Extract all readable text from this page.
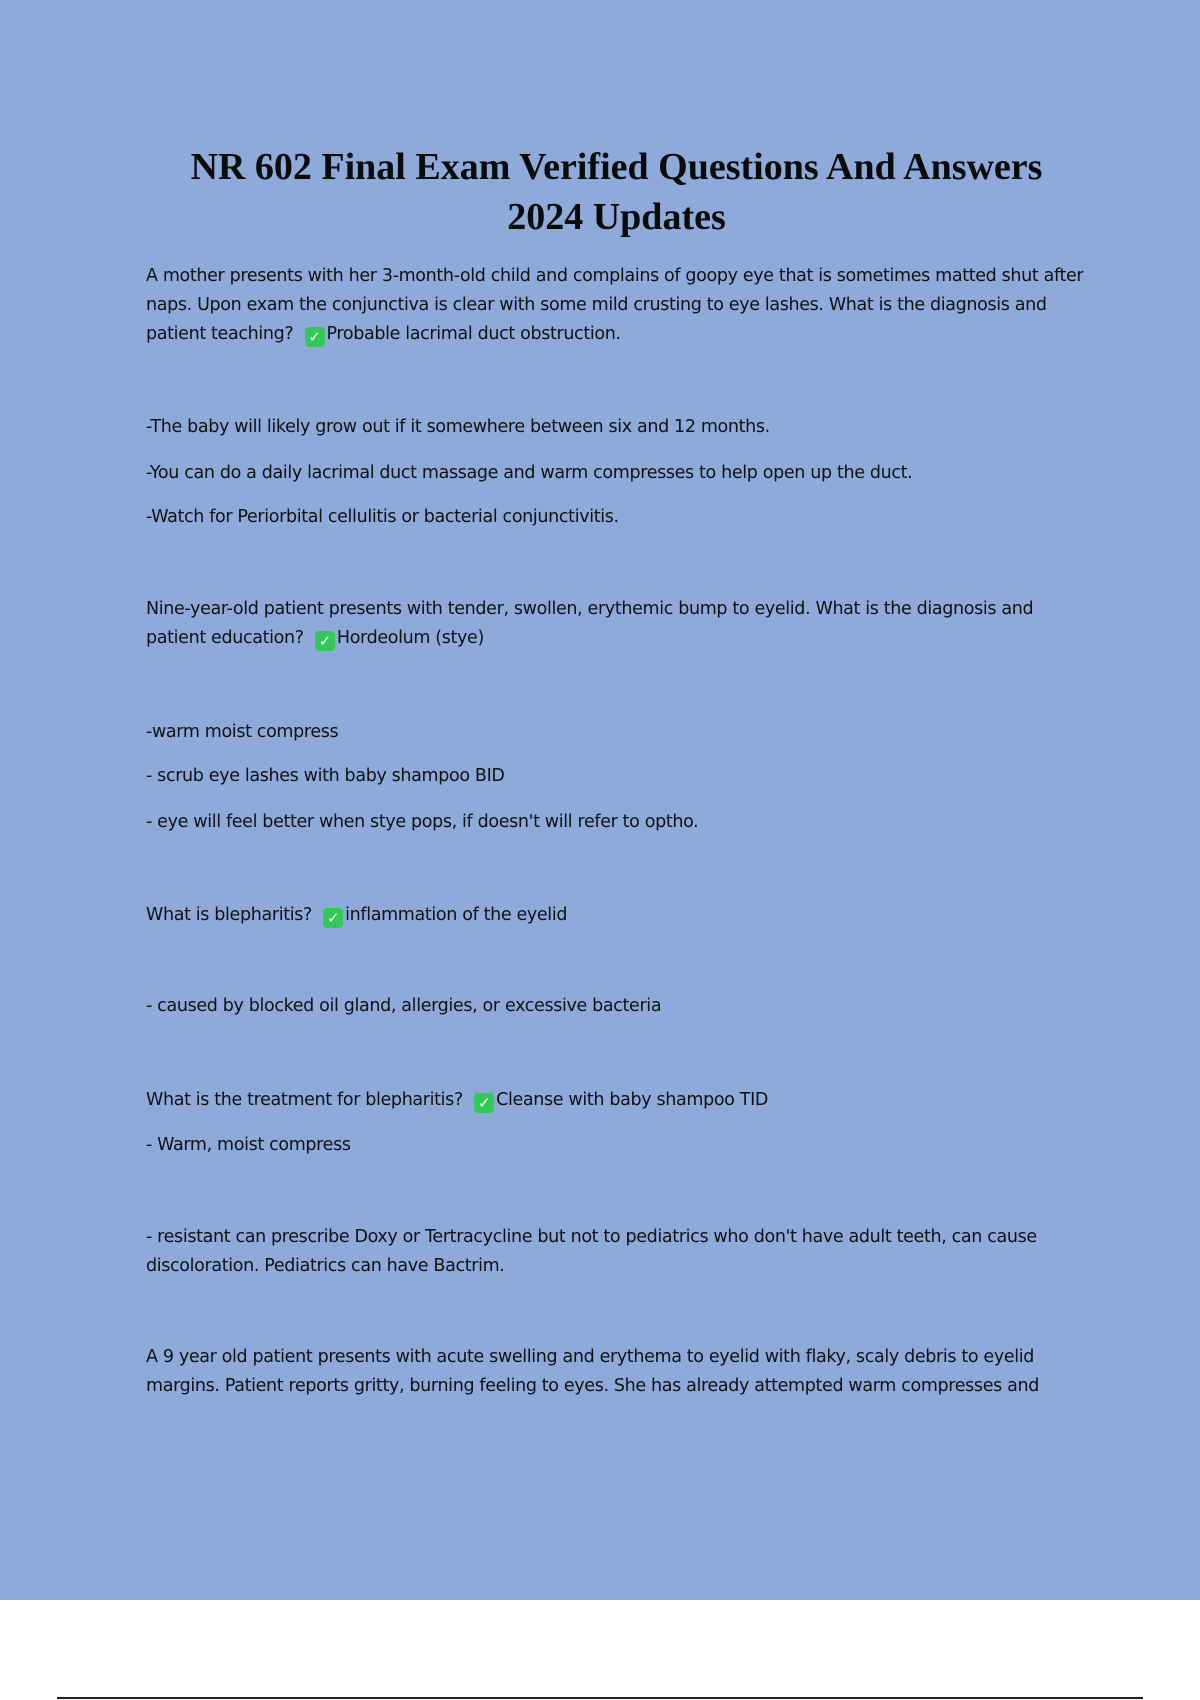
NR 602 Final Exam Verified Questions And Answers
2024 Updates
A mother presents with her 3-month-old child and complains of goopy eye that is sometimes matted shut after naps. Upon exam the conjunctiva is clear with some mild crusting to eye lashes. What is the diagnosis and patient teaching? ✓ Probable lacrimal duct obstruction.
-The baby will likely grow out if it somewhere between six and 12 months.
-You can do a daily lacrimal duct massage and warm compresses to help open up the duct.
-Watch for Periorbital cellulitis or bacterial conjunctivitis.
Nine-year-old patient presents with tender, swollen, erythemic bump to eyelid. What is the diagnosis and patient education? ✓ Hordeolum (stye)
-warm moist compress
- scrub eye lashes with baby shampoo BID
- eye will feel better when stye pops, if doesn't will refer to optho.
What is blepharitis? ✓ inflammation of the eyelid
- caused by blocked oil gland, allergies, or excessive bacteria
What is the treatment for blepharitis? ✓ Cleanse with baby shampoo TID
- Warm, moist compress
- resistant can prescribe Doxy or Tertracycline but not to pediatrics who don't have adult teeth, can cause discoloration. Pediatrics can have Bactrim.
A 9 year old patient presents with acute swelling and erythema to eyelid with flaky, scaly debris to eyelid margins. Patient reports gritty, burning feeling to eyes. She has already attempted warm compresses and
